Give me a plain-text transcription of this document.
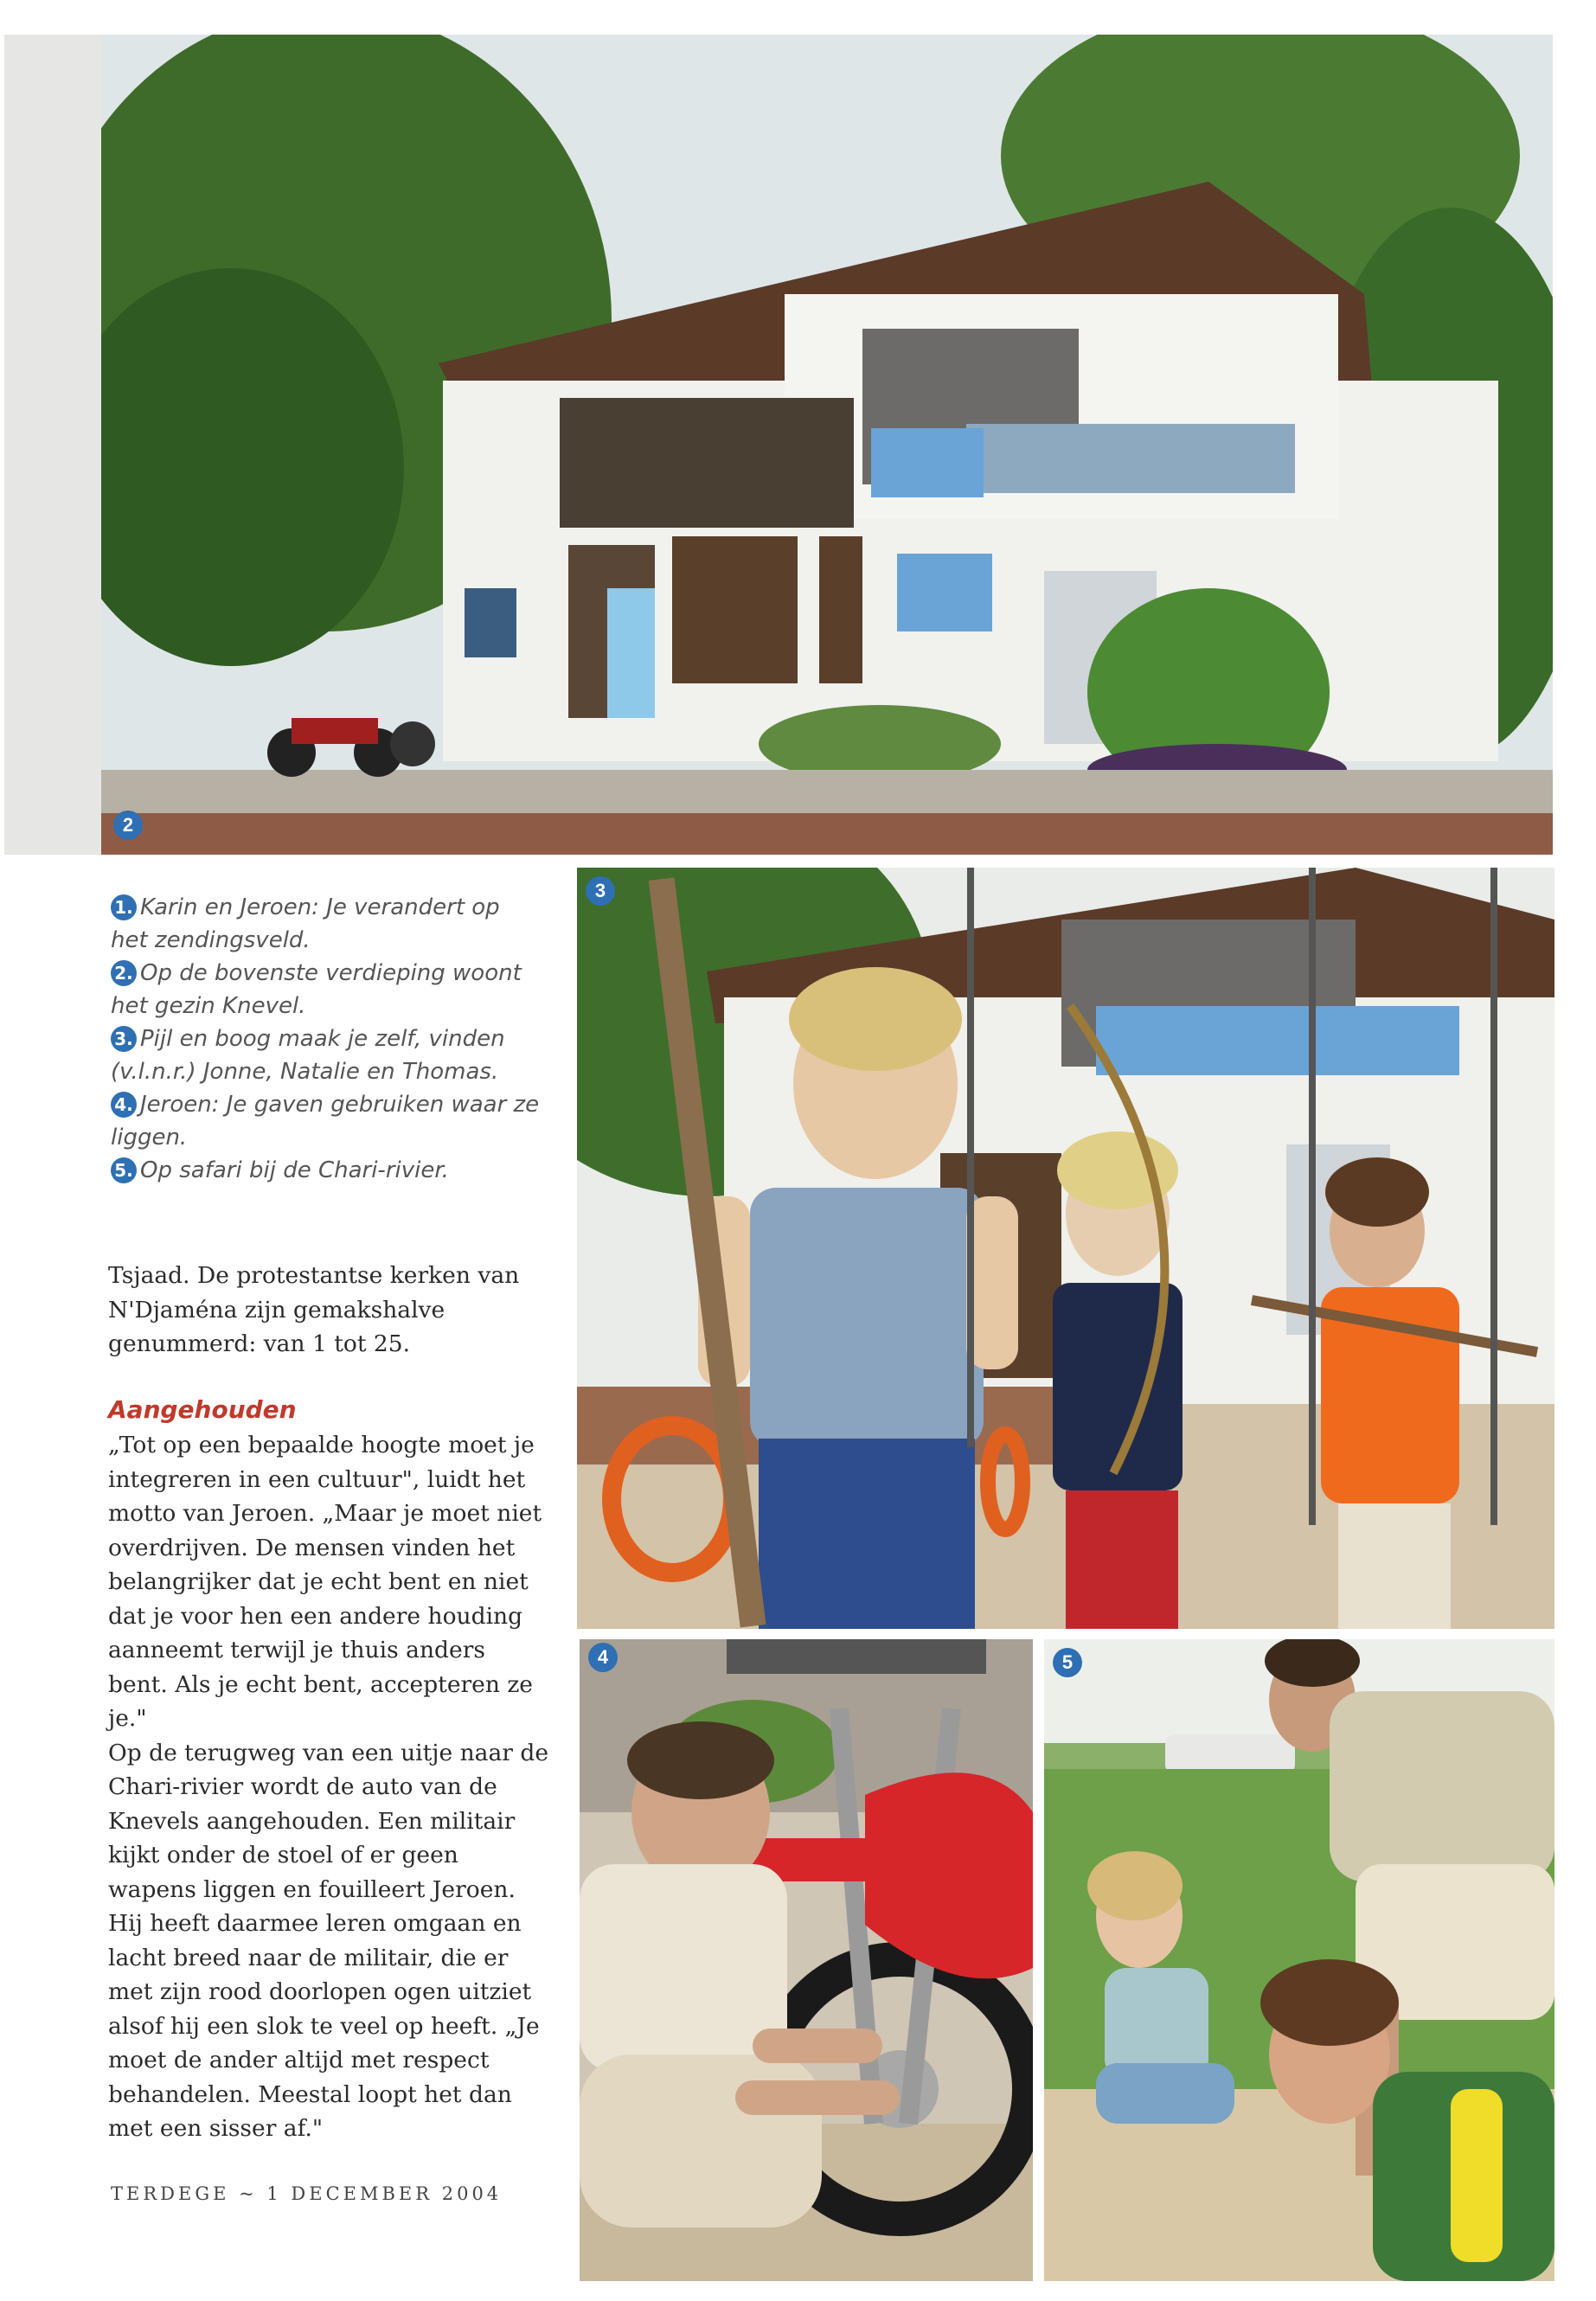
2
3
4	5

1. Karin en Jeroen: Je verandert op het zendingsveld.

2. Op de bovenste verdieping woont het gezin Knevel.

3. Pijl en boog maak je zelf, vinden (v.l.n.r.) Jonne, Natalie en Thomas.

4. Jeroen: Je gaven gebruiken waar ze liggen.

5. Op safari bij de Chari-rivier.

Tsjaad. De protestantse kerken van N'Djaména zijn gemakshalve genummerd: van 1 tot 25.

Aangehouden

„Tot op een bepaalde hoogte moet je integreren in een cultuur", luidt het motto van Jeroen. „Maar je moet niet overdrijven. De mensen vinden het belangrijker dat je echt bent en niet dat je voor hen een andere houding aanneemt terwijl je thuis anders bent. Als je echt bent, accepteren ze je."

Op de terugweg van een uitje naar de Chari-rivier wordt de auto van de Knevels aangehouden. Een militair kijkt onder de stoel of er geen wapens liggen en fouilleert Jeroen. Hij heeft daarmee leren omgaan en lacht breed naar de militair, die er met zijn rood doorlopen ogen uitziet alsof hij een slok te veel op heeft. „Je moet de ander altijd met respect behandelen. Meestal loopt het dan met een sisser af."

TERDEGE ~ 1 DECEMBER 2004
